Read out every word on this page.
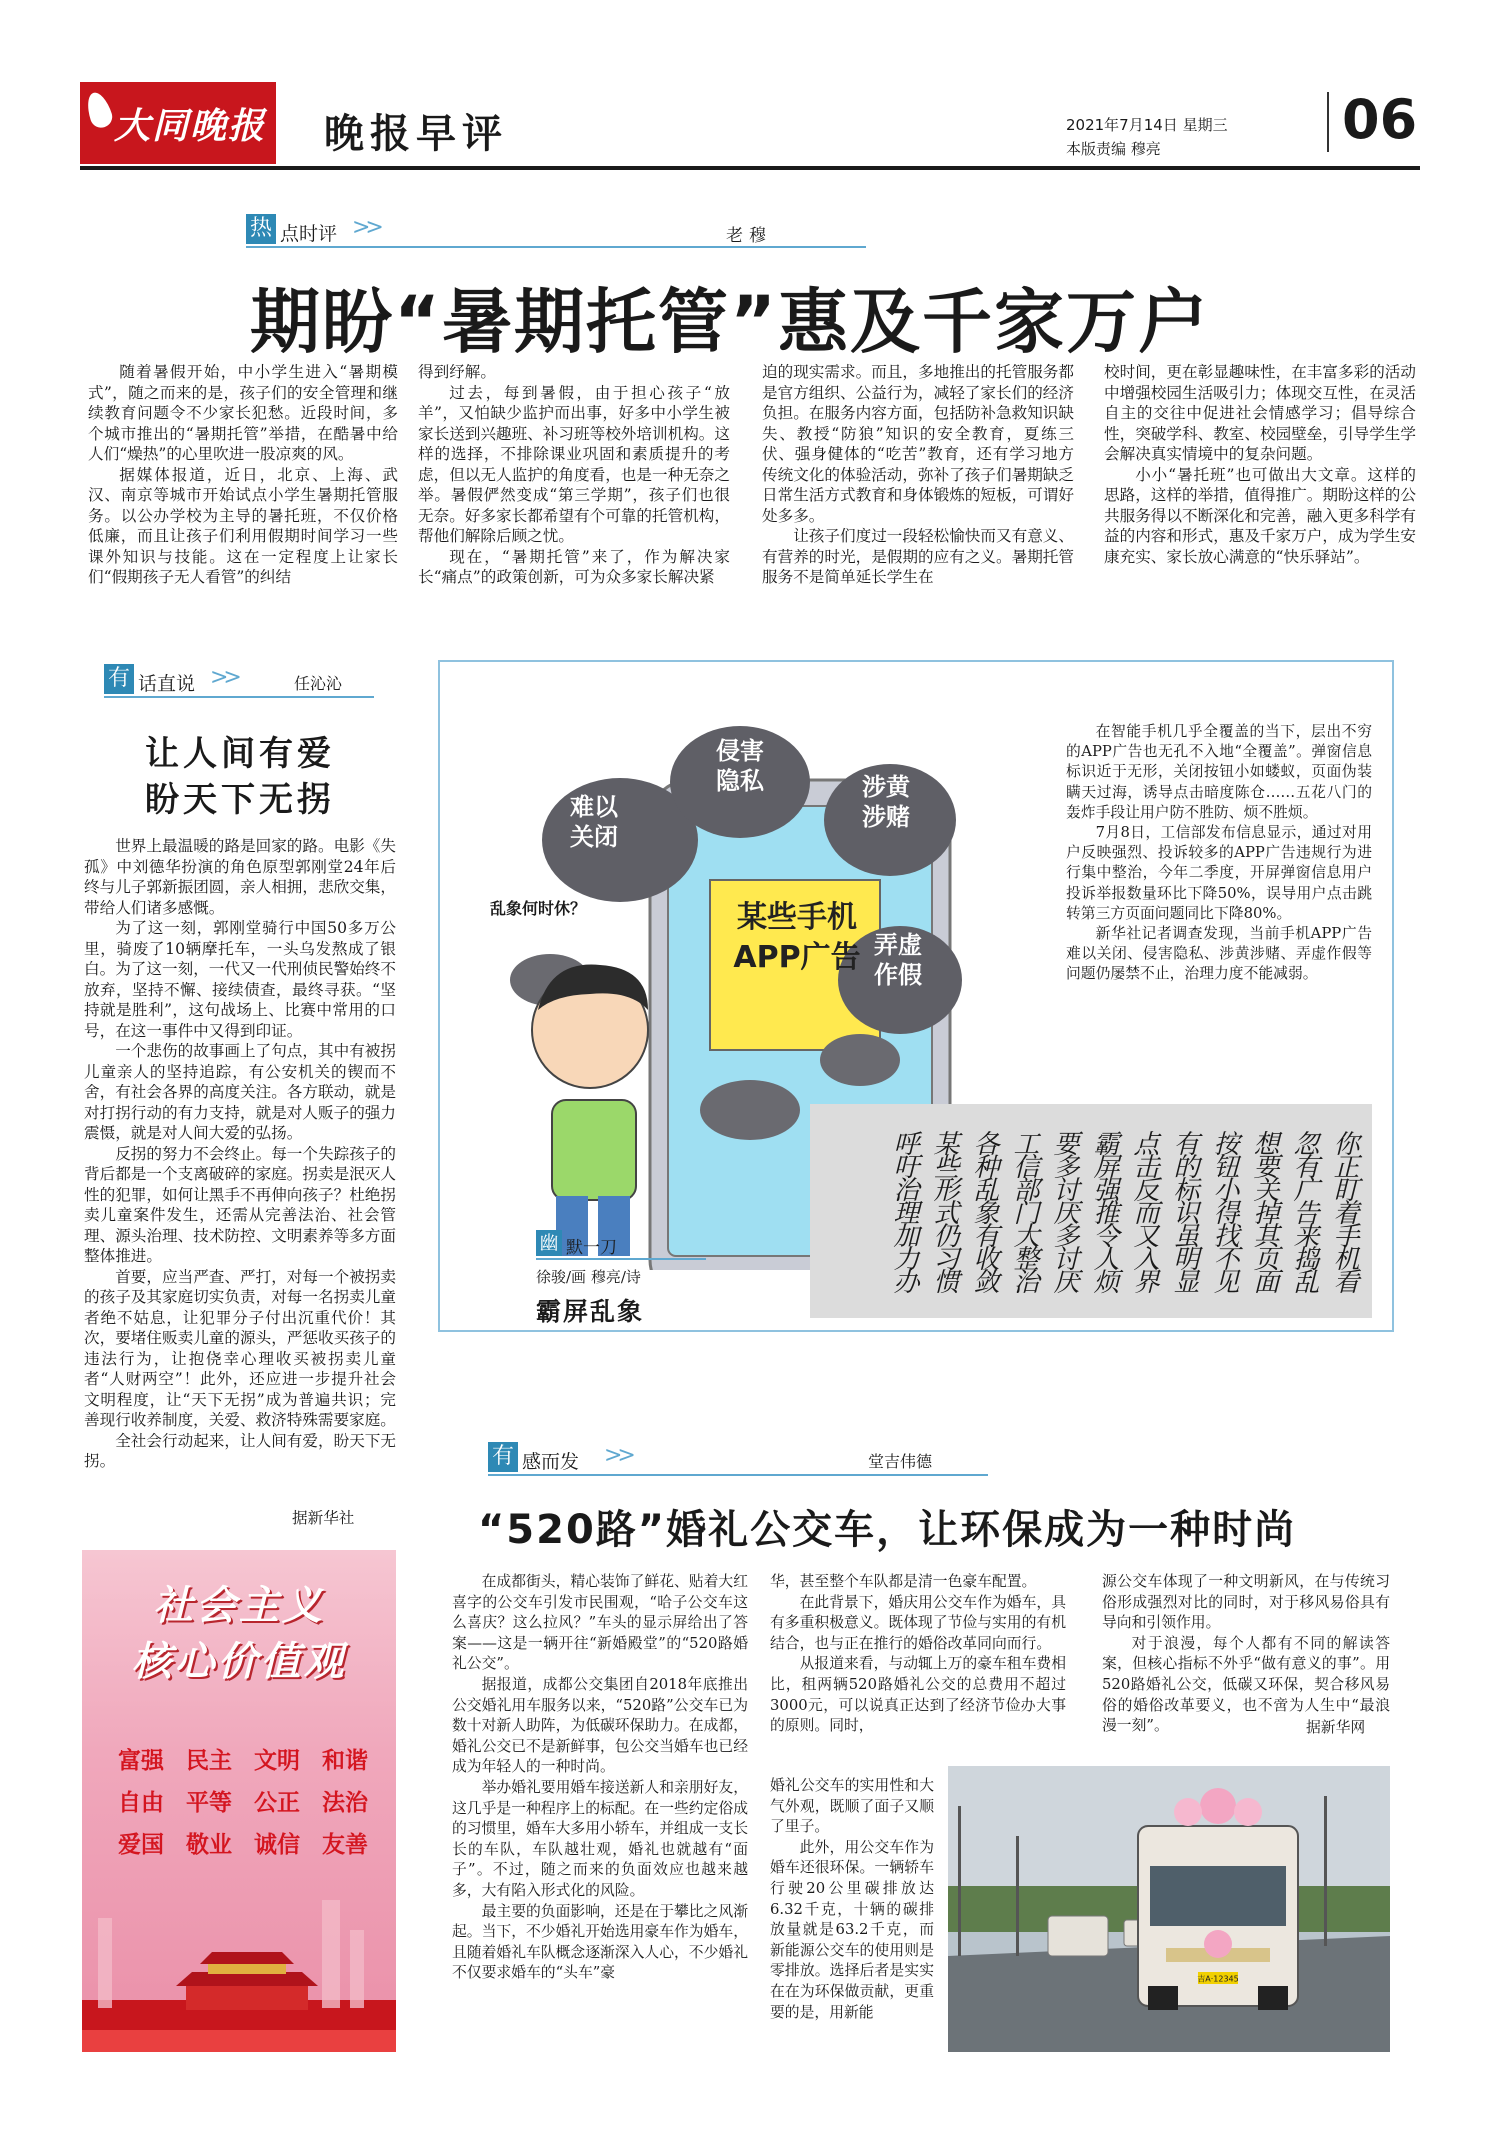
大同晚报 晚报早评	2021年7月14日 星期三
本版责编 穆亮	06
热 点时评 >>	老穆
期盼“暑期托管”惠及千家万户

随着暑假开始，中小学生进入“暑期模式”，随之而来的是，孩子们的安全管理和继续教育问题令不少家长犯愁。近段时间，多个城市推出的“暑期托管”举措，在酷暑中给人们“燥热”的心里吹进一股凉爽的风。

据媒体报道，近日，北京、上海、武汉、南京等城市开始试点小学生暑期托管服务。以公办学校为主导的暑托班，不仅价格低廉，而且让孩子们利用假期时间学习一些课外知识与技能。这在一定程度上让家长们“假期孩子无人看管”的纠结

得到纾解。

过去，每到暑假，由于担心孩子“放羊”，又怕缺少监护而出事，好多中小学生被家长送到兴趣班、补习班等校外培训机构。这样的选择，不排除课业巩固和素质提升的考虑，但以无人监护的角度看，也是一种无奈之举。暑假俨然变成“第三学期”，孩子们也很无奈。好多家长都希望有个可靠的托管机构，帮他们解除后顾之忧。

现在，“暑期托管”来了，作为解决家长“痛点”的政策创新，可为众多家长解决紧

迫的现实需求。而且，多地推出的托管服务都是官方组织、公益行为，减轻了家长们的经济负担。在服务内容方面，包括防补急救知识缺失、教授“防狼”知识的安全教育，夏练三伏、强身健体的“吃苦”教育，还有学习地方传统文化的体验活动，弥补了孩子们暑期缺乏日常生活方式教育和身体锻炼的短板，可谓好处多多。

让孩子们度过一段轻松愉快而又有意义、有营养的时光，是假期的应有之义。暑期托管服务不是简单延长学生在

校时间，更在彰显趣味性，在丰富多彩的活动中增强校园生活吸引力；体现交互性，在灵活自主的交往中促进社会情感学习；倡导综合性，突破学科、教室、校园壁垒，引导学生学会解决真实情境中的复杂问题。

小小“暑托班”也可做出大文章。这样的思路，这样的举措，值得推广。期盼这样的公共服务得以不断深化和完善，融入更多科学有益的内容和形式，惠及千家万户，成为学生安康充实、家长放心满意的“快乐驿站”。

有 话直说 >>	任沁沁
让人间有爱
盼天下无拐

世界上最温暖的路是回家的路。电影《失孤》中刘德华扮演的角色原型郭刚堂24年后终与儿子郭新振团圆，亲人相拥，悲欣交集，带给人们诸多感慨。

为了这一刻，郭刚堂骑行中国50多万公里，骑废了10辆摩托车，一头乌发熬成了银白。为了这一刻，一代又一代刑侦民警始终不放弃，坚持不懈、接续债查，最终寻获。“坚持就是胜利”，这句战场上、比赛中常用的口号，在这一事件中又得到印证。

一个悲伤的故事画上了句点，其中有被拐儿童亲人的坚持追踪，有公安机关的锲而不舍，有社会各界的高度关注。各方联动，就是对打拐行动的有力支持，就是对人贩子的强力震慑，就是对人间大爱的弘扬。

反拐的努力不会终止。每一个失踪孩子的背后都是一个支离破碎的家庭。拐卖是泯灭人性的犯罪，如何让黑手不再伸向孩子？杜绝拐卖儿童案件发生，还需从完善法治、社会管理、源头治理、技术防控、文明素养等多方面整体推进。

首要，应当严查、严打，对每一个被拐卖的孩子及其家庭切实负责，对每一名拐卖儿童者绝不姑息，让犯罪分子付出沉重代价！其次，要堵住贩卖儿童的源头，严惩收买孩子的违法行为，让抱侥幸心理收买被拐卖儿童者“人财两空”！此外，还应进一步提升社会文明程度，让“天下无拐”成为普遍共识；完善现行收养制度，关爱、救济特殊需要家庭。

全社会行动起来，让人间有爱，盼天下无拐。

据新华社
社会主义
核心价值观
富强 民主 文明 和谐
自由 平等 公正 法治
爱国 敬业 诚信 友善
难以
关闭
侵害
隐私	涉黄
涉赌
弄虚
作假
某些手机
APP广告
乱象何时休？

在智能手机几乎全覆盖的当下，层出不穷的APP广告也无孔不入地“全覆盖”。弹窗信息标识近于无形，关闭按钮小如蝼蚁，页面伪装瞒天过海，诱导点击暗度陈仓……五花八门的轰炸手段让用户防不胜防、烦不胜烦。

7月8日，工信部发布信息显示，通过对用户反映强烈、投诉较多的APP广告违规行为进行集中整治，今年二季度，开屏弹窗信息用户投诉举报数量环比下降50%，误导用户点击跳转第三方页面问题同比下降80%。

新华社记者调查发现，当前手机APP广告难以关闭、侵害隐私、涉黄涉赌、弄虚作假等问题仍屡禁不止，治理力度不能减弱。

你正盯着手机看
忽有广告来捣乱
想要关掉其页面
按钮小得找不见
有的标识虽明显
点击反而又入界
霸屏强推令人烦
要多讨厌多讨厌
工信部门大整治
各种乱象有收敛
某些形式仍习惯
呼吁治理加力办
幽 默一刀
徐骏/画 穆亮/诗
霸屏乱象
有 感而发 >>	堂吉伟德
“520路”婚礼公交车，让环保成为一种时尚

在成都街头，精心装饰了鲜花、贴着大红喜字的公交车引发市民围观，“哈子公交车这么喜庆？这么拉风？”车头的显示屏给出了答案——这是一辆开往“新婚殿堂”的“520路婚礼公交”。

据报道，成都公交集团自2018年底推出公交婚礼用车服务以来，“520路”公交车已为数十对新人助阵，为低碳环保助力。在成都，婚礼公交已不是新鲜事，包公交当婚车也已经成为年轻人的一种时尚。

举办婚礼要用婚车接送新人和亲朋好友，这几乎是一种程序上的标配。在一些约定俗成的习惯里，婚车大多用小轿车，并组成一支长长的车队，车队越壮观，婚礼也就越有“面子”。不过，随之而来的负面效应也越来越多，大有陷入形式化的风险。

最主要的负面影响，还是在于攀比之风渐起。当下，不少婚礼开始选用豪车作为婚车，且随着婚礼车队概念逐渐深入人心，不少婚礼不仅要求婚车的“头车”豪

华，甚至整个车队都是清一色豪车配置。

在此背景下，婚庆用公交车作为婚车，具有多重积极意义。既体现了节俭与实用的有机结合，也与正在推行的婚俗改革同向而行。

从报道来看，与动辄上万的豪车租车费相比，租两辆520路婚礼公交的总费用不超过3000元，可以说真正达到了经济节俭办大事的原则。同时，

婚礼公交车的实用性和大气外观，既顺了面子又顺了里子。

此外，用公交车作为婚车还很环保。一辆轿车行驶20公里碳排放达6.32千克，十辆的碳排放量就是63.2千克，而新能源公交车的使用则是零排放。选择后者是实实在在为环保做贡献，更重要的是，用新能

源公交车体现了一种文明新风，在与传统习俗形成强烈对比的同时，对于移风易俗具有导向和引领作用。

对于浪漫，每个人都有不同的解读答案，但核心指标不外乎“做有意义的事”。用520路婚礼公交，低碳又环保，契合移风易俗的婚俗改革要义，也不啻为人生中“最浪漫一刻”。	据新华网
吉A·12345
